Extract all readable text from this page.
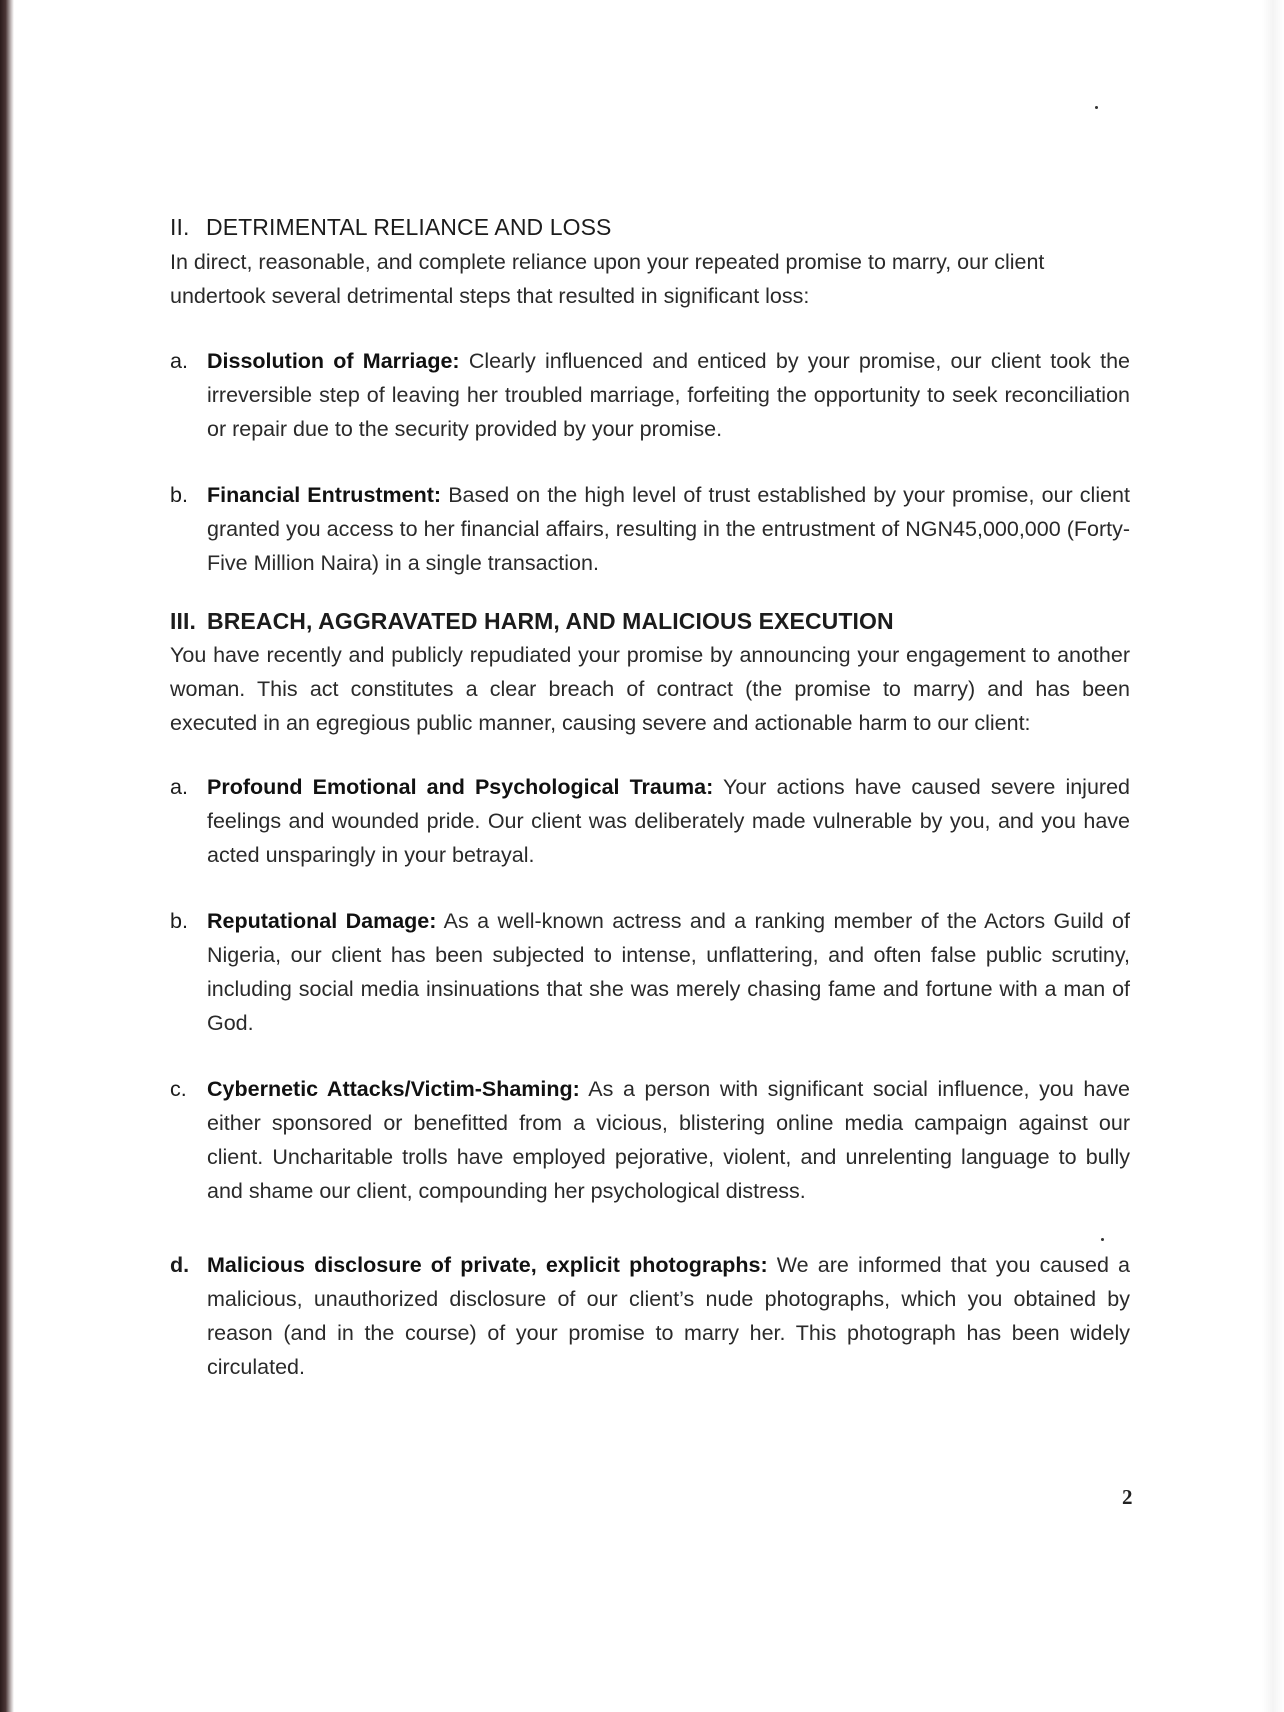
II. DETRIMENTAL RELIANCE AND LOSS

In direct, reasonable, and complete reliance upon your repeated promise to marry, our client undertook several detrimental steps that resulted in significant loss:

a. Dissolution of Marriage: Clearly influenced and enticed by your promise, our client took the irreversible step of leaving her troubled marriage, forfeiting the opportunity to seek reconciliation or repair due to the security provided by your promise.
b. Financial Entrustment: Based on the high level of trust established by your promise, our client granted you access to her financial affairs, resulting in the entrustment of NGN45,000,000 (Forty-Five Million Naira) in a single transaction.
III. BREACH, AGGRAVATED HARM, AND MALICIOUS EXECUTION

You have recently and publicly repudiated your promise by announcing your engagement to another woman. This act constitutes a clear breach of contract (the promise to marry) and has been executed in an egregious public manner, causing severe and actionable harm to our client:

a. Profound Emotional and Psychological Trauma: Your actions have caused severe injured feelings and wounded pride. Our client was deliberately made vulnerable by you, and you have acted unsparingly in your betrayal.
b. Reputational Damage: As a well-known actress and a ranking member of the Actors Guild of Nigeria, our client has been subjected to intense, unflattering, and often false public scrutiny, including social media insinuations that she was merely chasing fame and fortune with a man of God.
c. Cybernetic Attacks/Victim-Shaming: As a person with significant social influence, you have either sponsored or benefitted from a vicious, blistering online media campaign against our client. Uncharitable trolls have employed pejorative, violent, and unrelenting language to bully and shame our client, compounding her psychological distress.
d. Malicious disclosure of private, explicit photographs: We are informed that you caused a malicious, unauthorized disclosure of our client’s nude photographs, which you obtained by reason (and in the course) of your promise to marry her. This photograph has been widely circulated.
2
